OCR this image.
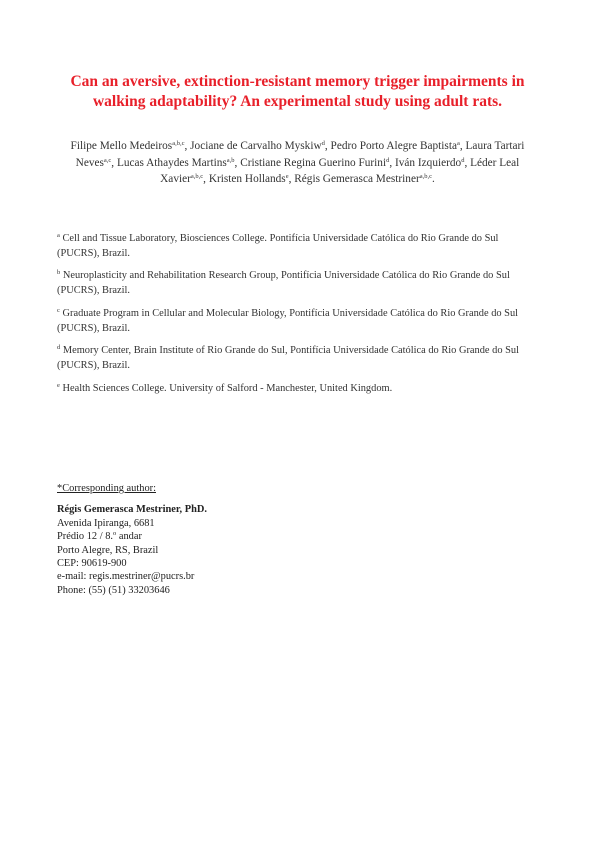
Can an aversive, extinction-resistant memory trigger impairments in walking adaptability? An experimental study using adult rats.
Filipe Mello Medeiros$^{a,b,c}$, Jociane de Carvalho Myskiw$^d$, Pedro Porto Alegre Baptista$^a$, Laura Tartari Neves$^{a,c}$, Lucas Athaydes Martins$^{a,b}$, Cristiane Regina Guerino Furini$^d$, Iván Izquierdo$^d$, Léder Leal Xavier$^{a,b,c}$, Kristen Hollands$^e$, Régis Gemerasca Mestriner$^{a,b,c}$.

$^a$ Cell and Tissue Laboratory, Biosciences College. Pontifícia Universidade Católica do Rio Grande do Sul (PUCRS), Brazil.

$^b$ Neuroplasticity and Rehabilitation Research Group, Pontifícia Universidade Católica do Rio Grande do Sul (PUCRS), Brazil.

$^c$ Graduate Program in Cellular and Molecular Biology, Pontifícia Universidade Católica do Rio Grande do Sul (PUCRS), Brazil.

$^d$ Memory Center, Brain Institute of Rio Grande do Sul, Pontifícia Universidade Católica do Rio Grande do Sul (PUCRS), Brazil.

$^e$ Health Sciences College. University of Salford - Manchester, United Kingdom.

*Corresponding author:
Régis Gemerasca Mestriner, PhD.
Avenida Ipiranga, 6681
Prédio 12 / 8.$^o$ andar
Porto Alegre, RS, Brazil
CEP: 90619-900
e-mail: regis.mestriner@pucrs.br
Phone: (55) (51) 33203646
